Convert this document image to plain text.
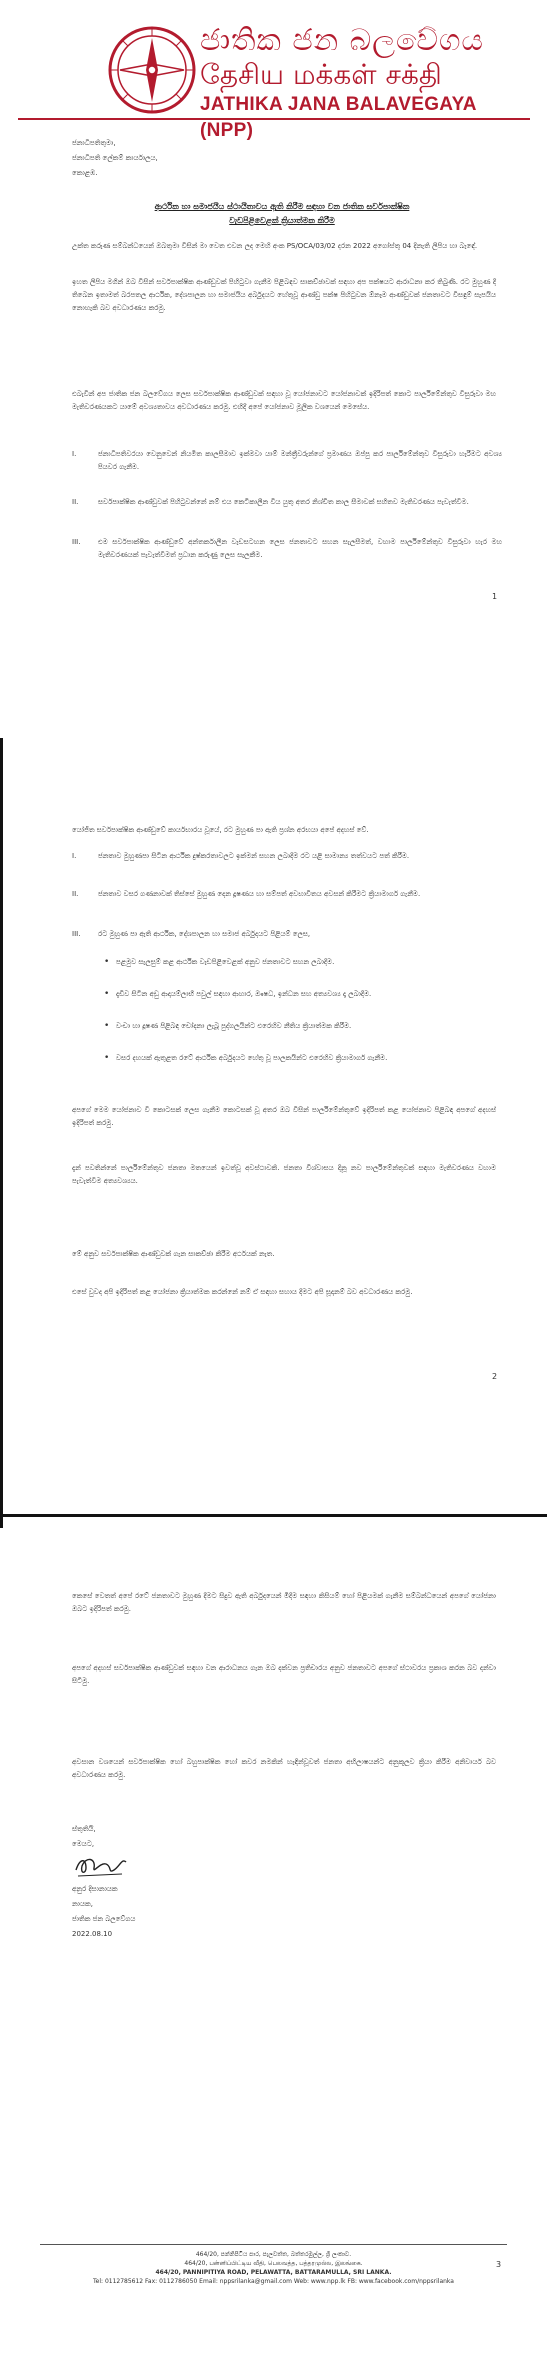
ජාතික ජන බලවේගය
தேசிய மக்கள் சக்தி
JATHIKA JANA BALAVEGAYA (NPP)
ජනාධිපතිතුමා,
ජනාධිපති ලේකම් කාර්යාලය,
කොළඹ.
ආර්ථික හා සමාජයීය ස්ථායීතාවය ඇති කිරීම සඳහා වන ජාතික සර්වපාක්ෂික
වැඩපිළිවෙළක් ක්‍රියාත්මක කිරීම
උක්ත කරුණ සම්බන්ධයෙන් ඔබතුමා විසින් මා වෙත එවන ලද මෙහි අංක PS/OCA/03/02 දරන 2022 අගෝස්තු 04 දිනැති ලිපිය හා බැඳේ.
ඉහත ලිපිය මගින් ඔබ විසින් සර්වපාක්ෂික ආණ්ඩුවක් පිහිටුවා ගැනීම පිළිබඳව සාකච්ඡාවක් සඳහා අප පක්ෂයට ආරාධනා කර තිබුණි. රට මුහුණ දී තිබෙන ඉතාමත් බරපතල ආර්ථික, දේශපාලන හා සමාජයීය අර්බුදයට හේතුවූ ආණ්ඩු පක්ෂ පිහිටුවන ඕනෑම ආණ්ඩුවක් ජනතාවට විසඳුම් සැපයිය නොහැකි බව අවධාරණය කරමු.
එබැවින් අප ජාතික ජන බලවේගය ලෙස සර්වපාක්ෂික ආණ්ඩුවක් සඳහා වූ යෝජනාවට යෝජනාවක් ඉදිරිපත් කොට පාර්ලිමේන්තුව විසුරුවා මහ මැතිවරණයකට යාමේ අවශ්‍යතාවය අවධාරණය කරමු. එහිදී අපේ යෝජනාව මූලික වශයෙන් මෙසේය.
I.	ජනාධිපතිවරයා වෙනුවෙන් නියමිත කාලසීමාව ඉක්මවා යාම් මන්ත්‍රීවරුන්ගේ ප්‍රමාණය ඔප්පු කර පාර්ලිමේන්තුව විසුරුවා හැරීමට අවශ්‍ය පියවර ගැනීම.
II.	සර්වපාක්ෂික ආණ්ඩුවක් පිහිටුවන්නේ නම් එය කෙටිකාලීන විය යුතු අතර නිශ්චිත කාල සීමාවක් සහිතව මැතිවරණය පැවැත්වීම.
III.	එම සර්වපාක්ෂික ආණ්ඩුවේ අන්තර්කාලීන වැඩසටහන ලෙස ජනතාවට සහන සැලසීමත්, වහාම පාර්ලිමේන්තුව විසුරුවා හැර මහ මැතිවරණයක් පැවැත්වීමත් ප්‍රධාන කරුණු ලෙස සැලකීම.
1
යෝජිත සර්වපාක්ෂික ආණ්ඩුවේ කාර්යභාරය වූයේ, රට මුහුණ පා ඇති ප්‍රශ්න අරභයා අපේ අදහස් වේ.
I.	ජනතාව මුහුණපා සිටින ආර්ථික දුෂ්කරතාවලට ඉක්මන් සහන ලබාදීම රට යළි සාමාන්‍ය තත්වයට පත් කිරීම.
II.	ජනතාව වසර ගණනාවක් තිස්සේ මුහුණ දෙන දූෂණය හා සම්පත් අවභාවිතය අවසන් කිරීමට ක්‍රියාමාර්ග ගැනීම.
III.	රට මුහුණ පා ඇති ආර්ථික, දේශපාලන හා සමාජ අර්බුදයට පිළියම් ලෙස,
• පළමුව සැලසුම් කළ ආර්ථික වැඩපිළිවෙළක් අනුව ජනතාවට සහන ලබාදීම.
• දැඩිව සිටින අඩු ආදායම්ලාභී පවුල් සඳහා ආහාර, ඖෂධ, ඉන්ධන සහ අත්‍යවශ්‍ය දෑ ලබාදීම.
• වංචා හා දූෂණ පිළිබඳ චෝදනා ලැබූ පුද්ගලයින්ට එරෙහිව නීතිය ක්‍රියාත්මක කිරීම.
• වසර දහයක් ඇතුළත රටේ ආර්ථික අර්බුදයට හේතු වූ පාලකයින්ට එරෙහිව ක්‍රියාමාර්ග ගැනීම.
අපගේ මෙම යෝජනාව වී කොටසක් ලෙස ගැනීම කොටසක් වූ අතර ඔබ විසින් පාර්ලිමේන්තුවේ ඉදිරිපත් කළ යෝජනාව පිළිබඳ අපගේ අදහස් ඉදිරිපත් කරමු.
දැන් පවතින්නේ පාර්ලිමේන්තුව ජනතා මතයෙන් ඉවත්වූ අවස්ථාවකි. ජනතා විශ්වාසය දිනූ නව පාර්ලිමේන්තුවක් සඳහා මැතිවරණය වහාම පැවැත්වීම අත්‍යවශ්‍යය.
මේ අනුව සර්වපාක්ෂික ආණ්ඩුවක් ගැන සාකච්ඡා කිරීම අර්ථයක් නැත.
එසේ වුවද අපි ඉදිරිපත් කළ යෝජනා ක්‍රියාත්මක කරන්නේ නම් ඒ සඳහා සහාය දීමට අපි සූදානම් බව අවධාරණය කරමු.
2
කෙසේ වෙතත් අපේ රටේ ජනතාවට මුහුණ දීමට සිදුව ඇති අර්බුදයෙන් මිදීම සඳහා කිසියම් හෝ පිළියමක් ගැනීම සම්බන්ධයෙන් අපගේ යෝජනා ඔබට ඉදිරිපත් කරමු.
අපගේ අදහස් සර්වපාක්ෂික ආණ්ඩුවක් සඳහා වන ආරාධනය ගැන ඔබ දක්වන ප්‍රතිචාරය අනුව ජනතාවට අපගේ ස්ථාවරය ප්‍රකාශ කරන බව දන්වා සිටිමු.
අවසාන වශයෙන් සර්වපාක්ෂික හෝ බහුපාක්ෂික හෝ කවර නමකින් හැඳින්වූවත් ජනතා අභිලාෂයන්ට අනුකූලව ක්‍රියා කිරීම අනිවාර්ය බව අවධාරණය කරමු.
ස්තුතියි,
මෙයට,
අනුර දිසානායක
නායක,
ජාතික ජන බලවේගය
2022.08.10
464/20, පන්නිපිටිය පාර, පැලවත්ත, බත්තරමුල්ල, ශ්‍රී ලංකාව.
464/20, பன்னிப்பிட்டிய வீதி, பெலவத்த, பத்தரமுல்ல, இலங்கை.
464/20, PANNIPITIYA ROAD, PELAWATTA, BATTARAMULLA, SRI LANKA.
Tel: 0112785612 Fax: 0112786050 Email: nppsrilanka@gmail.com Web: www.npp.lk FB: www.facebook.com/nppsrilanka
3
